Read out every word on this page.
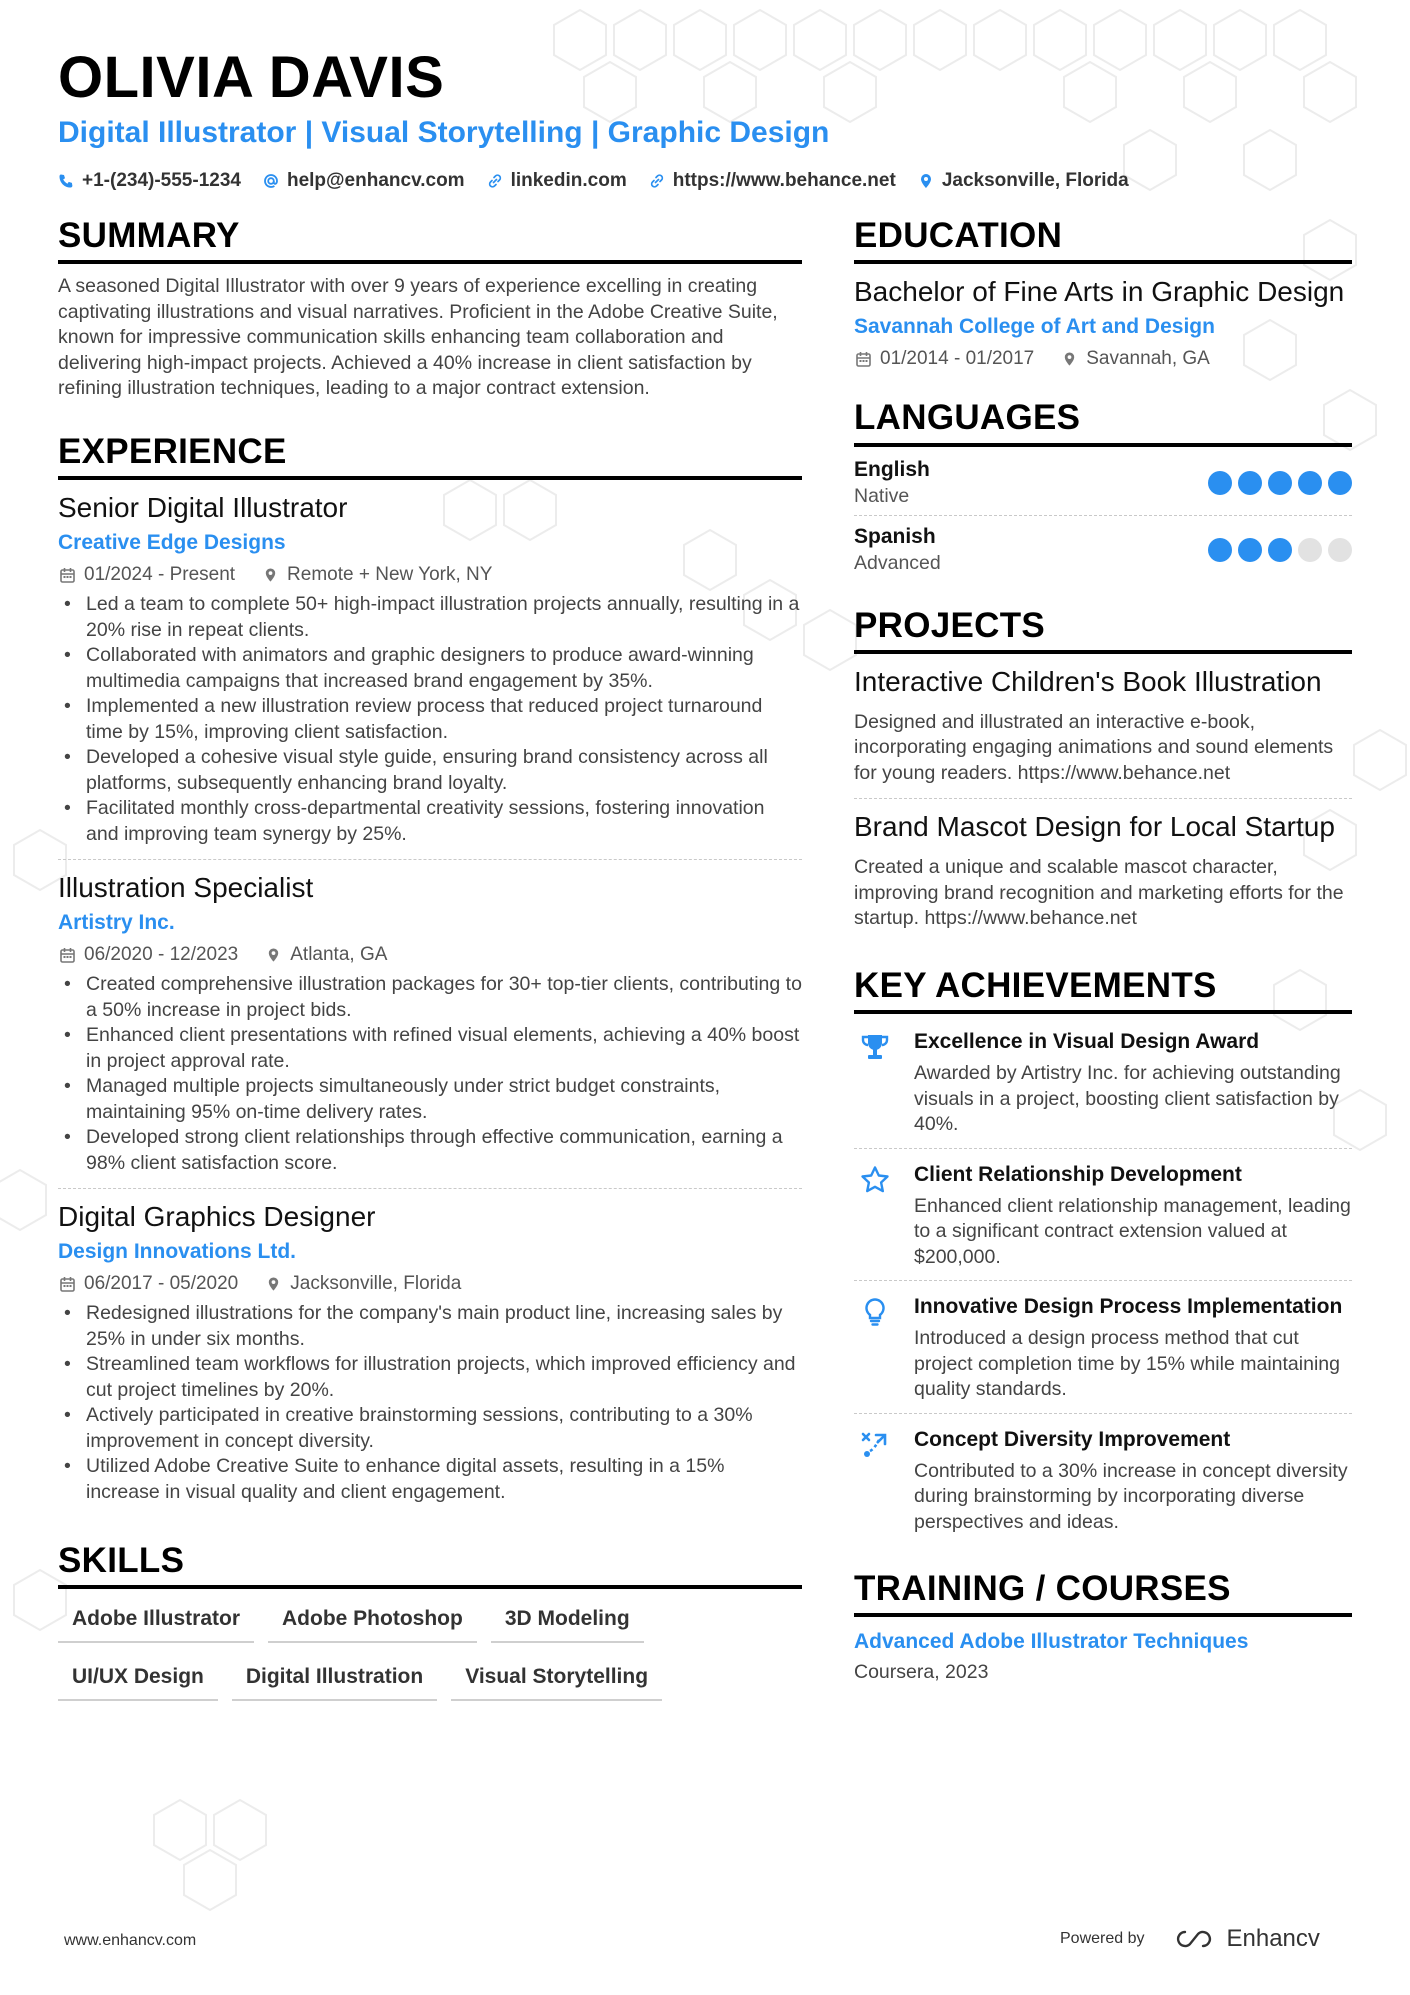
OLIVIA DAVIS
Digital Illustrator | Visual Storytelling | Graphic Design
+1-(234)-555-1234 help@enhancv.com linkedin.com https://www.behance.net Jacksonville, Florida
SUMMARY
A seasoned Digital Illustrator with over 9 years of experience excelling in creating captivating illustrations and visual narratives. Proficient in the Adobe Creative Suite, known for impressive communication skills enhancing team collaboration and delivering high-impact projects. Achieved a 40% increase in client satisfaction by refining illustration techniques, leading to a major contract extension.
EXPERIENCE
Senior Digital Illustrator
Creative Edge Designs
01/2024 - Present	Remote + New York, NY
• Led a team to complete 50+ high-impact illustration projects annually, resulting in a 20% rise in repeat clients.
• Collaborated with animators and graphic designers to produce award-winning multimedia campaigns that increased brand engagement by 35%.
• Implemented a new illustration review process that reduced project turnaround time by 15%, improving client satisfaction.
• Developed a cohesive visual style guide, ensuring brand consistency across all platforms, subsequently enhancing brand loyalty.
• Facilitated monthly cross-departmental creativity sessions, fostering innovation and improving team synergy by 25%.
Illustration Specialist
Artistry Inc.
06/2020 - 12/2023	Atlanta, GA
• Created comprehensive illustration packages for 30+ top-tier clients, contributing to a 50% increase in project bids.
• Enhanced client presentations with refined visual elements, achieving a 40% boost in project approval rate.
• Managed multiple projects simultaneously under strict budget constraints, maintaining 95% on-time delivery rates.
• Developed strong client relationships through effective communication, earning a 98% client satisfaction score.
Digital Graphics Designer
Design Innovations Ltd.
06/2017 - 05/2020	Jacksonville, Florida
• Redesigned illustrations for the company's main product line, increasing sales by 25% in under six months.
• Streamlined team workflows for illustration projects, which improved efficiency and cut project timelines by 20%.
• Actively participated in creative brainstorming sessions, contributing to a 30% improvement in concept diversity.
• Utilized Adobe Creative Suite to enhance digital assets, resulting in a 15% increase in visual quality and client engagement.
SKILLS
Adobe Illustrator	Adobe Photoshop	3D Modeling
UI/UX Design	Digital Illustration	Visual Storytelling
EDUCATION
Bachelor of Fine Arts in Graphic Design
Savannah College of Art and Design
01/2014 - 01/2017	Savannah, GA
LANGUAGES
English
Native
Spanish
Advanced
PROJECTS
Interactive Children's Book Illustration
Designed and illustrated an interactive e-book, incorporating engaging animations and sound elements for young readers. https://www.behance.net
Brand Mascot Design for Local Startup
Created a unique and scalable mascot character, improving brand recognition and marketing efforts for the startup. https://www.behance.net
KEY ACHIEVEMENTS
Excellence in Visual Design Award
Awarded by Artistry Inc. for achieving outstanding visuals in a project, boosting client satisfaction by 40%.
Client Relationship Development
Enhanced client relationship management, leading to a significant contract extension valued at $200,000.
Innovative Design Process Implementation
Introduced a design process method that cut project completion time by 15% while maintaining quality standards.
Concept Diversity Improvement
Contributed to a 30% increase in concept diversity during brainstorming by incorporating diverse perspectives and ideas.
TRAINING / COURSES
Advanced Adobe Illustrator Techniques
Coursera, 2023
www.enhancv.com	Powered by	Enhancv
